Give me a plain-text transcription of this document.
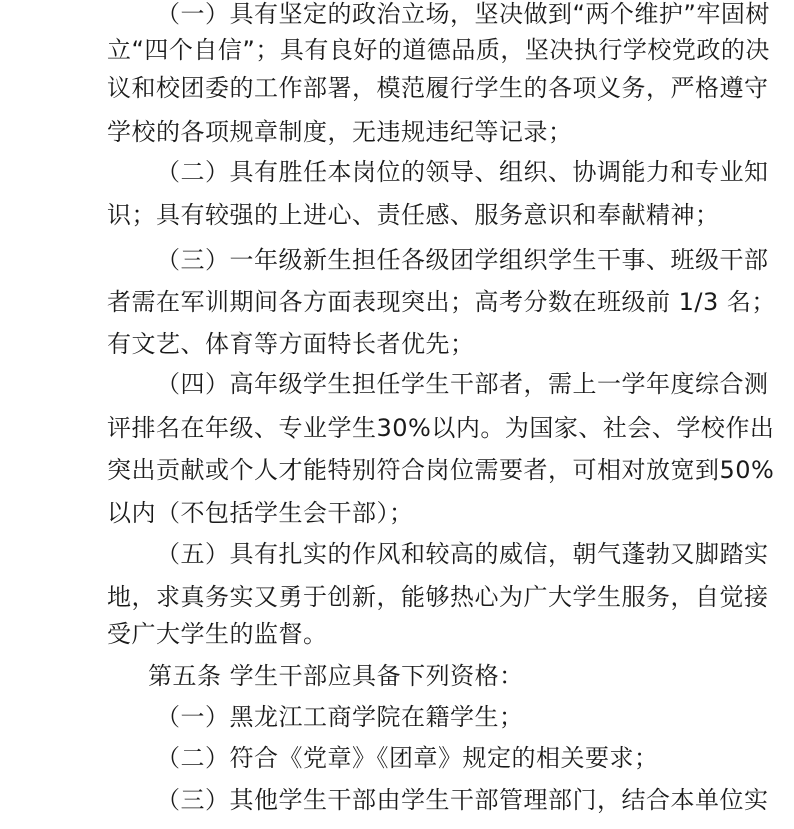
（一）具有坚定的政治立场，坚决做到“两个维护”牢固树
立“四个自信”；具有良好的道德品质，坚决执行学校党政的决
议和校团委的工作部署，模范履行学生的各项义务，严格遵守
学校的各项规章制度，无违规违纪等记录；
（二）具有胜任本岗位的领导、组织、协调能力和专业知
识；具有较强的上进心、责任感、服务意识和奉献精神；
（三）一年级新生担任各级团学组织学生干事、班级干部
者需在军训期间各方面表现突出；高考分数在班级前 1/3 名；
有文艺、体育等方面特长者优先；
（四）高年级学生担任学生干部者，需上一学年度综合测
评排名在年级、专业学生30%以内。为国家、社会、学校作出
突出贡献或个人才能特别符合岗位需要者，可相对放宽到50%
以内（不包括学生会干部）；
（五）具有扎实的作风和较高的威信，朝气蓬勃又脚踏实
地，求真务实又勇于创新，能够热心为广大学生服务，自觉接
受广大学生的监督。
第五条 学生干部应具备下列资格：
（一）黑龙江工商学院在籍学生；
（二）符合《党章》《团章》规定的相关要求；
（三）其他学生干部由学生干部管理部门，结合本单位实
